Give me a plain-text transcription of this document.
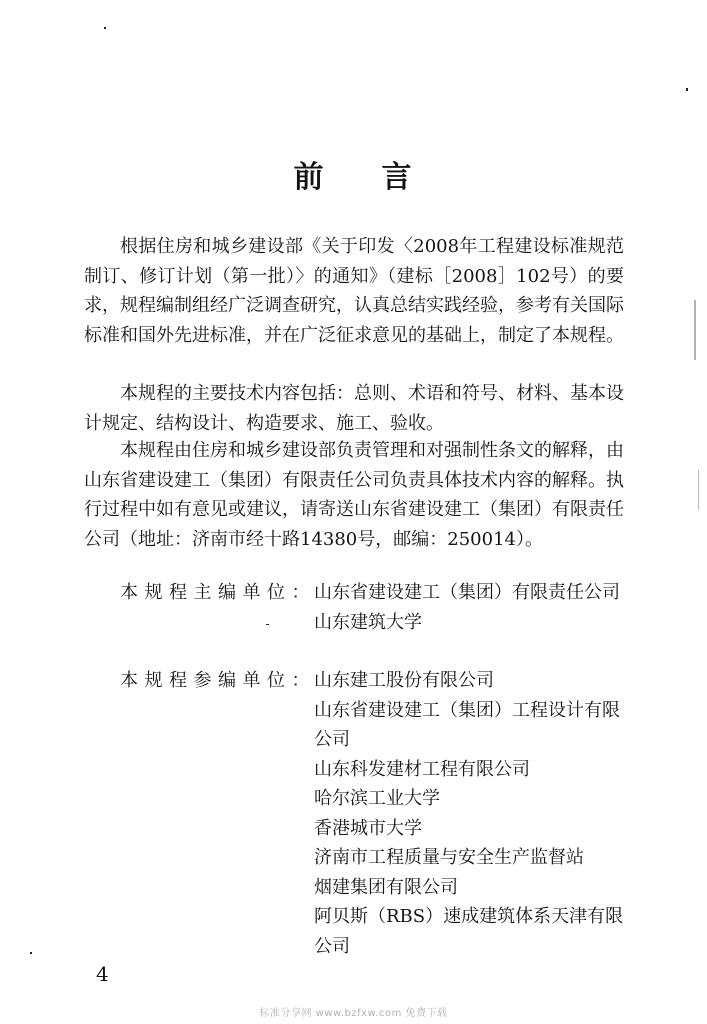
前 言
根据住房和城乡建设部《关于印发〈2008年工程建设标准规范制订、修订计划（第一批）〉的通知》（建标［2008］102号）的要求，规程编制组经广泛调查研究，认真总结实践经验，参考有关国际标准和国外先进标准，并在广泛征求意见的基础上，制定了本规程。
本规程的主要技术内容包括：总则、术语和符号、材料、基本设计规定、结构设计、构造要求、施工、验收。
本规程由住房和城乡建设部负责管理和对强制性条文的解释，由山东省建设建工（集团）有限责任公司负责具体技术内容的解释。执行过程中如有意见或建议，请寄送山东省建设建工（集团）有限责任公司（地址：济南市经十路14380号，邮编：250014）。
本规程主编单位：
山东省建设建工（集团）有限责任公司
山东建筑大学
本规程参编单位：
山东建工股份有限公司
山东省建设建工（集团）工程设计有限公司
山东科发建材工程有限公司
哈尔滨工业大学
香港城市大学
济南市工程质量与安全生产监督站
烟建集团有限公司
阿贝斯（RBS）速成建筑体系天津有限公司
4
标准分享网 www.bzfxw.com 免费下载
